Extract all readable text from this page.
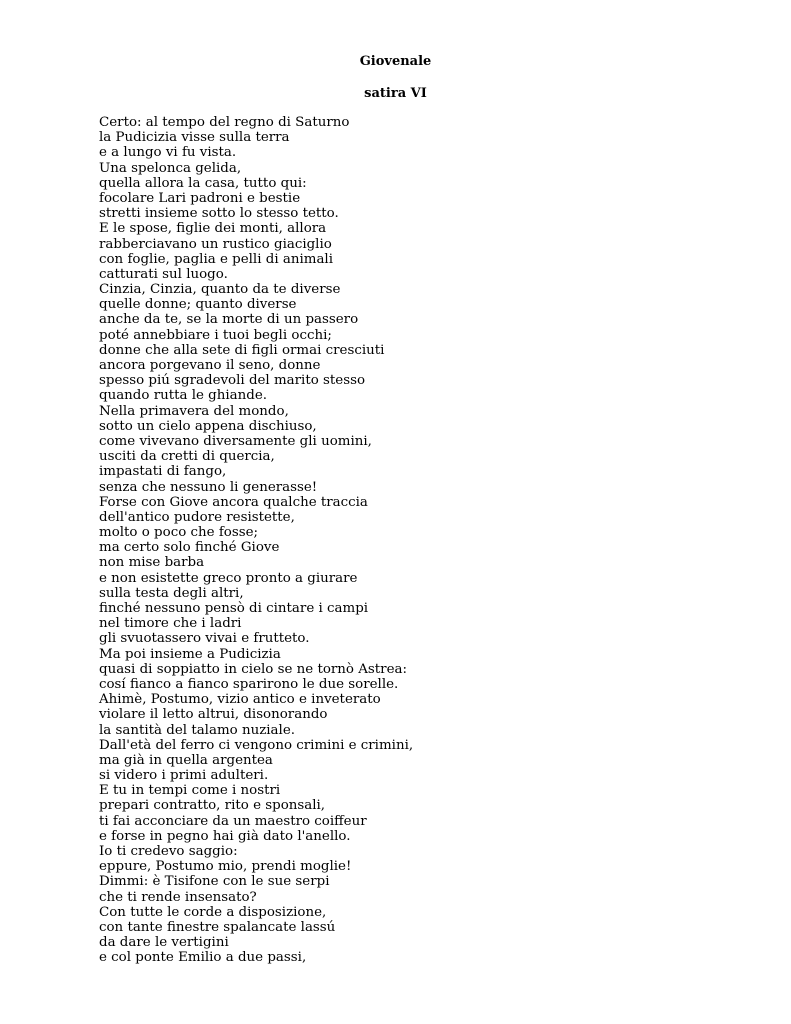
Giovenale
satira VI
Certo: al tempo del regno di Saturno
la Pudicizia visse sulla terra
e a lungo vi fu vista.
Una spelonca gelida,
quella allora la casa, tutto qui:
focolare Lari padroni e bestie
stretti insieme sotto lo stesso tetto.
E le spose, figlie dei monti, allora
rabberciavano un rustico giaciglio
con foglie, paglia e pelli di animali
catturati sul luogo.
Cinzia, Cinzia, quanto da te diverse
quelle donne; quanto diverse
anche da te, se la morte di un passero
poté annebbiare i tuoi begli occhi;
donne che alla sete di figli ormai cresciuti
ancora porgevano il seno, donne
spesso piú sgradevoli del marito stesso
quando rutta le ghiande.
Nella primavera del mondo,
sotto un cielo appena dischiuso,
come vivevano diversamente gli uomini,
usciti da cretti di quercia,
impastati di fango,
senza che nessuno li generasse!
Forse con Giove ancora qualche traccia
dell'antico pudore resistette,
molto o poco che fosse;
ma certo solo finché Giove
non mise barba
e non esistette greco pronto a giurare
sulla testa degli altri,
finché nessuno pensò di cintare i campi
nel timore che i ladri
gli svuotassero vivai e frutteto.
Ma poi insieme a Pudicizia
quasi di soppiatto in cielo se ne tornò Astrea:
cosí fianco a fianco sparirono le due sorelle.
Ahimè, Postumo, vizio antico e inveterato
violare il letto altrui, disonorando
la santità del talamo nuziale.
Dall'età del ferro ci vengono crimini e crimini,
ma già in quella argentea
si videro i primi adulteri.
E tu in tempi come i nostri
prepari contratto, rito e sponsali,
ti fai acconciare da un maestro coiffeur
e forse in pegno hai già dato l'anello.
Io ti credevo saggio:
eppure, Postumo mio, prendi moglie!
Dimmi: è Tisifone con le sue serpi
che ti rende insensato?
Con tutte le corde a disposizione,
con tante finestre spalancate lassú
da dare le vertigini
e col ponte Emilio a due passi,
